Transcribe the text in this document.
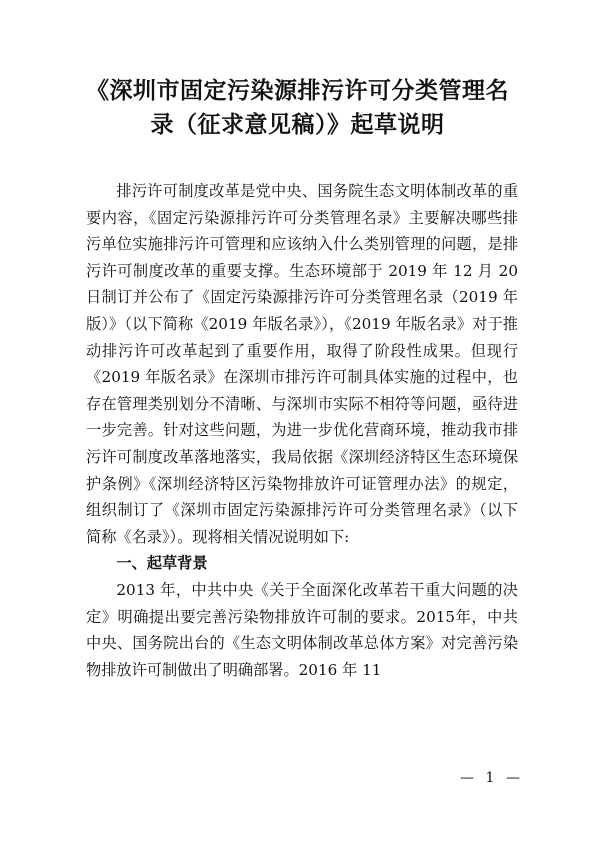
《深圳市固定污染源排污许可分类管理名
录（征求意见稿）》起草说明

排污许可制度改革是党中央、国务院生态文明体制改革的重要内容，《固定污染源排污许可分类管理名录》主要解决哪些排污单位实施排污许可管理和应该纳入什么类别管理的问题，是排污许可制度改革的重要支撑。生态环境部于 2019 年 12 月 20 日制订并公布了《固定污染源排污许可分类管理名录（2019 年版）》（以下简称《2019 年版名录》），《2019 年版名录》对于推动排污许可改革起到了重要作用，取得了阶段性成果。但现行《2019 年版名录》在深圳市排污许可制具体实施的过程中，也存在管理类别划分不清晰、与深圳市实际不相符等问题，亟待进一步完善。针对这些问题，为进一步优化营商环境，推动我市排污许可制度改革落地落实，我局依据《深圳经济特区生态环境保护条例》《深圳经济特区污染物排放许可证管理办法》的规定，组织制订了《深圳市固定污染源排污许可分类管理名录》（以下简称《名录》）。现将相关情况说明如下:

一、起草背景

2013 年，中共中央《关于全面深化改革若干重大问题的决定》明确提出要完善污染物排放许可制的要求。2015年，中共中央、国务院出台的《生态文明体制改革总体方案》对完善污染物排放许可制做出了明确部署。2016 年 11

— 1 —
